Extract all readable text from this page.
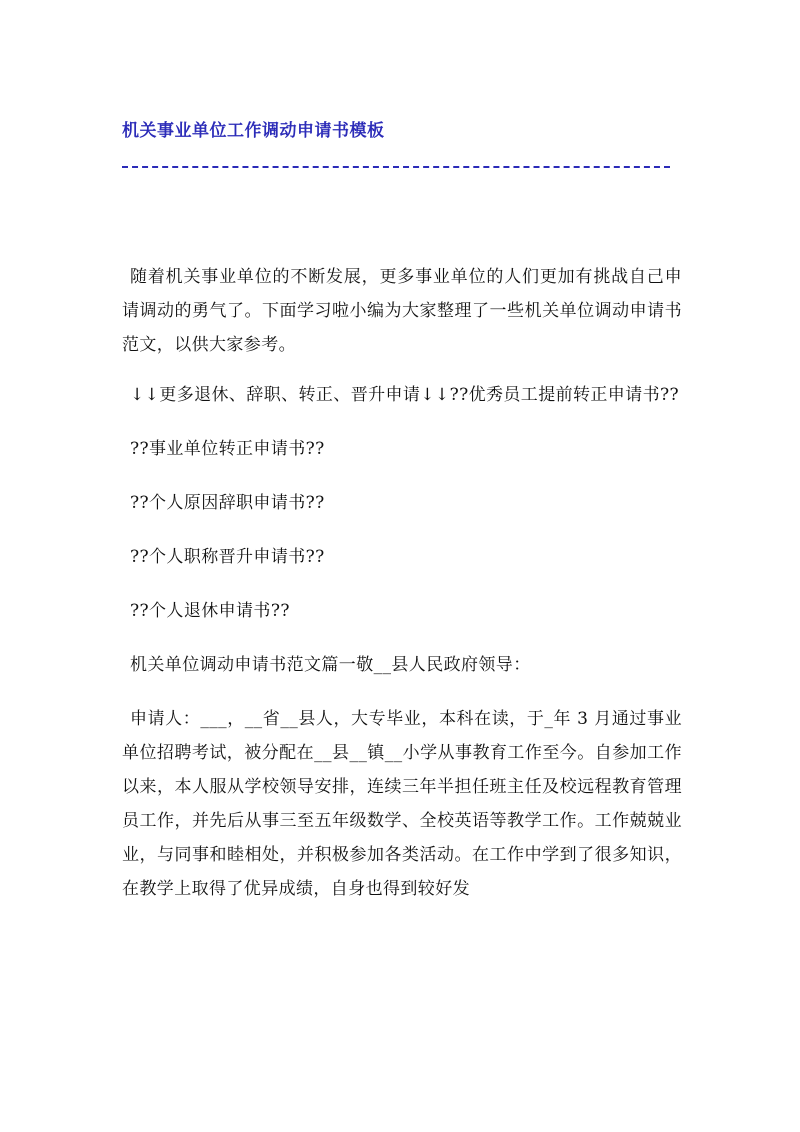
机关事业单位工作调动申请书模板

随着机关事业单位的不断发展，更多事业单位的人们更加有挑战自己申请调动的勇气了。下面学习啦小编为大家整理了一些机关单位调动申请书范文，以供大家参考。

↓↓更多退休、辞职、转正、晋升申请↓↓??优秀员工提前转正申请书??

??事业单位转正申请书??

??个人原因辞职申请书??

??个人职称晋升申请书??

??个人退休申请书??

机关单位调动申请书范文篇一敬__县人民政府领导：

申请人：___，__省__县人，大专毕业，本科在读，于_年 3 月通过事业单位招聘考试，被分配在__县__镇__小学从事教育工作至今。自参加工作以来，本人服从学校领导安排，连续三年半担任班主任及校远程教育管理员工作，并先后从事三至五年级数学、全校英语等教学工作。工作兢兢业业，与同事和睦相处，并积极参加各类活动。在工作中学到了很多知识，在教学上取得了优异成绩，自身也得到较好发
